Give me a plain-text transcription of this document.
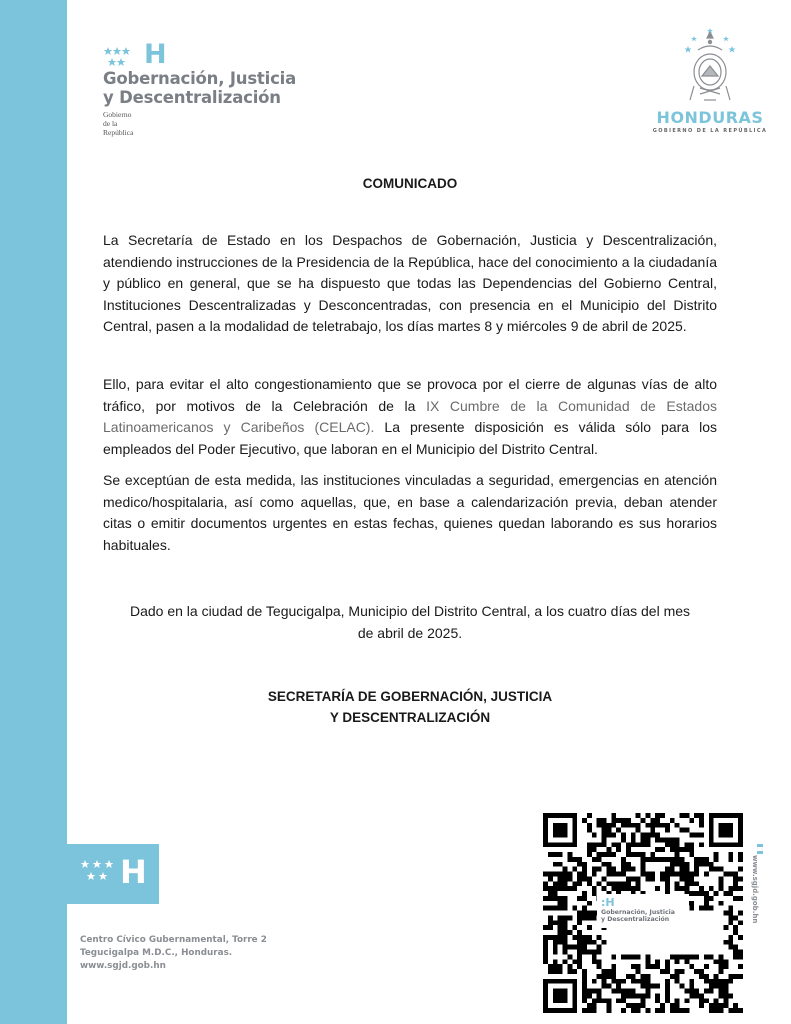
H
Gobernación, Justicia
y Descentralización
Gobierno de la República
HONDURAS
GOBIERNO DE LA REPÚBLICA
COMUNICADO

La Secretaría de Estado en los Despachos de Gobernación, Justicia y Descentralización, atendiendo instrucciones de la Presidencia de la República, hace del conocimiento a la ciudadanía y público en general, que se ha dispuesto que todas las Dependencias del Gobierno Central, Instituciones Descentralizadas y Desconcentradas, con presencia en el Municipio del Distrito Central, pasen a la modalidad de teletrabajo, los días martes 8 y miércoles 9 de abril de 2025.

Ello, para evitar el alto congestionamiento que se provoca por el cierre de algunas vías de alto tráfico, por motivos de la Celebración de la IX Cumbre de la Comunidad de Estados Latinoamericanos y Caribeños (CELAC). La presente disposición es válida sólo para los empleados del Poder Ejecutivo, que laboran en el Municipio del Distrito Central.

Se exceptúan de esta medida, las instituciones vinculadas a seguridad, emergencias en atención medico/hospitalaria, así como aquellas, que, en base a calendarización previa, deban atender citas o emitir documentos urgentes en estas fechas, quienes quedan laborando es sus horarios habituales.

Dado en la ciudad de Tegucigalpa, Municipio del Distrito Central, a los cuatro días del mes
de abril de 2025.
SECRETARÍA DE GOBERNACIÓN, JUSTICIA
Y DESCENTRALIZACIÓN
H
Centro Cívico Gubernamental, Torre 2
Tegucigalpa M.D.C., Honduras.
www.sgjd.gob.hn
:H
Gobernación, Justicia
y Descentralización	www.sgjd.gob.hn
